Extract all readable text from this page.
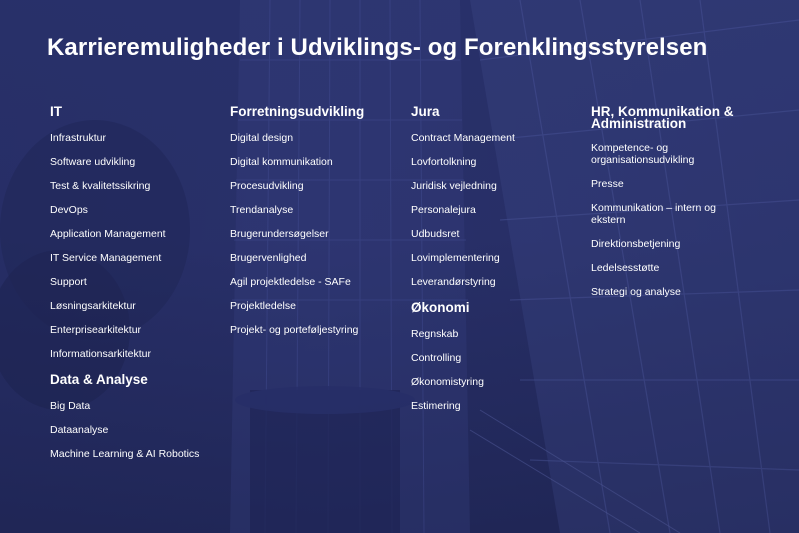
Karrieremuligheder i Udviklings- og Forenklingsstyrelsen
IT
Infrastruktur
Software udvikling
Test & kvalitetssikring
DevOps
Application Management
IT Service Management
Support
Løsningsarkitektur
Enterprisearkitektur
Informationsarkitektur
Data & Analyse
Big Data
Dataanalyse
Machine Learning & AI Robotics
Forretningsudvikling
Digital design
Digital kommunikation
Procesudvikling
Trendanalyse
Brugerundersøgelser
Brugervenlighed
Agil projektledelse - SAFe
Projektledelse
Projekt- og porteføljestyring
Jura
Contract Management
Lovfortolkning
Juridisk vejledning
Personalejura
Udbudsret
Lovimplementering
Leverandørstyring
Økonomi
Regnskab
Controlling
Økonomistyring
Estimering
HR, Kommunikation & Administration
Kompetence- og organisationsudvikling
Presse
Kommunikation – intern og ekstern
Direktionsbetjening
Ledelsesstøtte
Strategi og analyse
